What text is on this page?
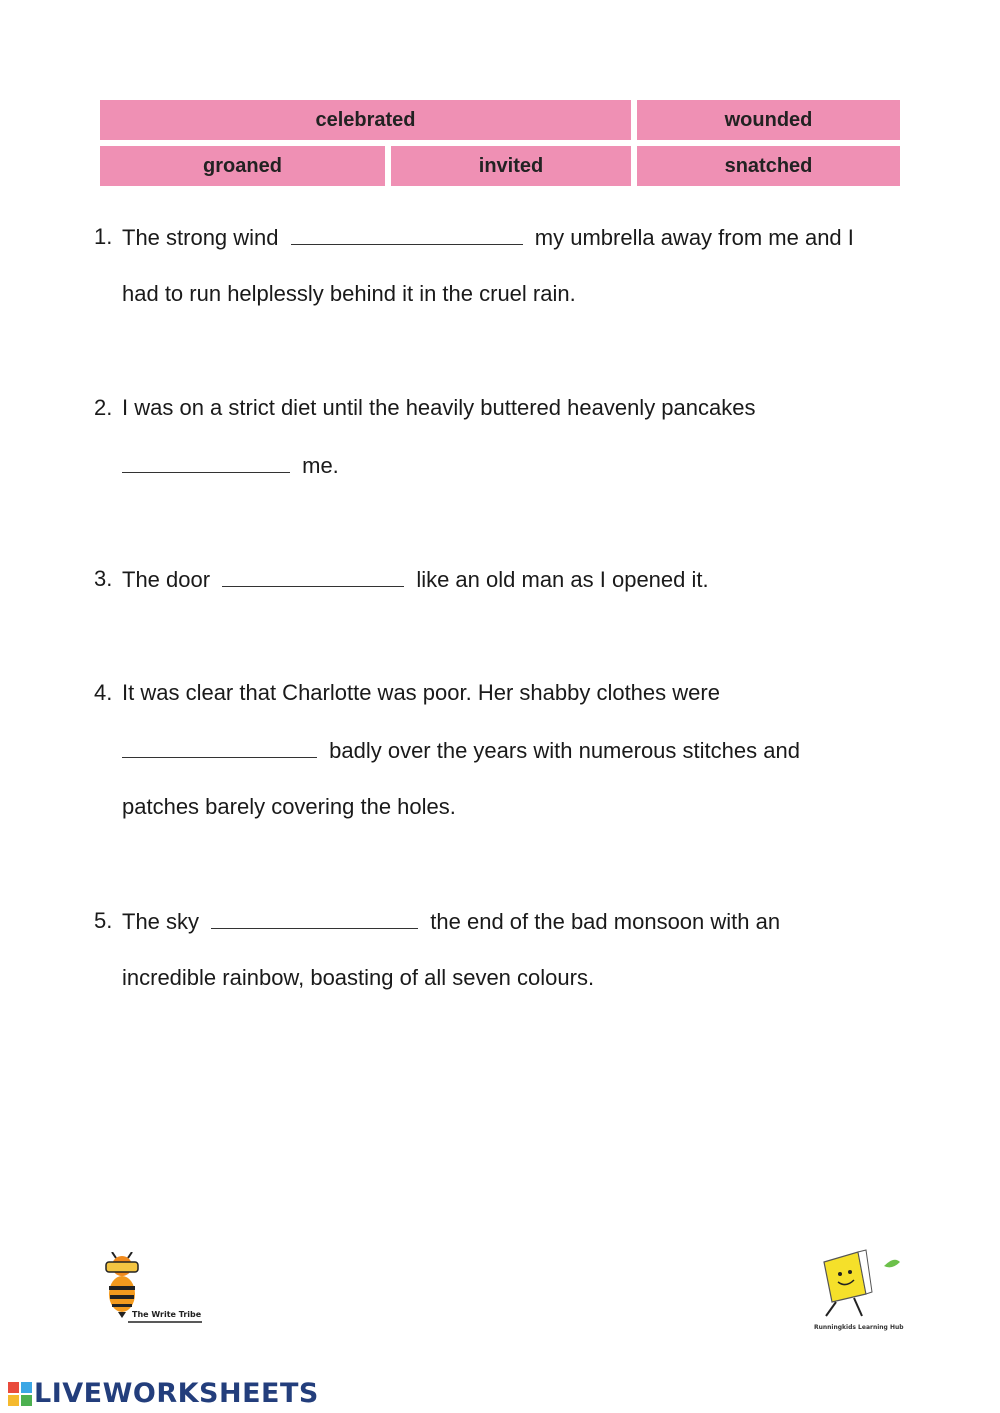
celebrated	wounded
groaned	invited	snatched
1. The strong wind	my umbrella away from me and I
had to run helplessly behind it in the cruel rain.
2. I was on a strict diet until the heavily buttered heavenly pancakes
me.
3. The door	like an old man as I opened it.
4. It was clear that Charlotte was poor. Her shabby clothes were
badly over the years with numerous stitches and
patches barely covering the holes.
5. The sky	the end of the bad monsoon with an
incredible rainbow, boasting of all seven colours.
The Write Tribe
Runningkids Learning Hub
LIVEWORKSHEETS
